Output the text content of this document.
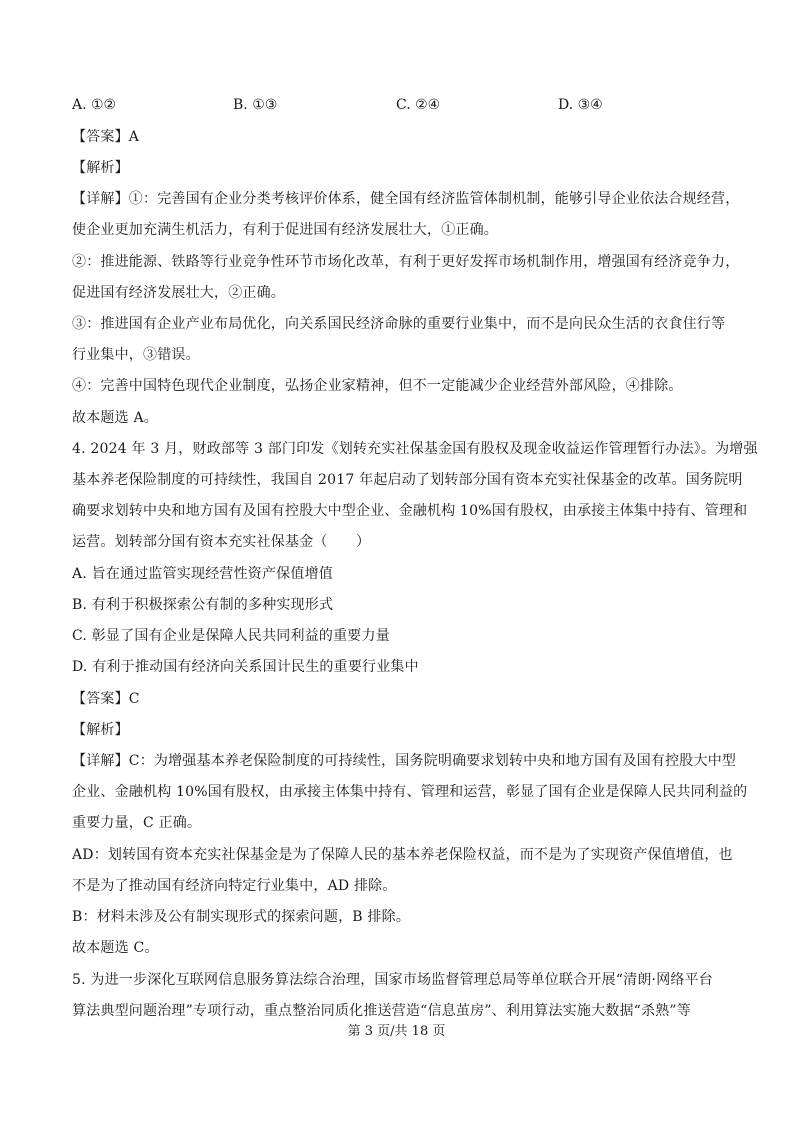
A. ①②	B. ①③	C. ②④	D. ③④
【答案】A
【解析】
【详解】①：完善国有企业分类考核评价体系，健全国有经济监管体制机制，能够引导企业依法合规经营，
使企业更加充满生机活力，有利于促进国有经济发展壮大，①正确。
②：推进能源、铁路等行业竞争性环节市场化改革，有利于更好发挥市场机制作用，增强国有经济竞争力，
促进国有经济发展壮大，②正确。
③：推进国有企业产业布局优化，向关系国民经济命脉的重要行业集中，而不是向民众生活的衣食住行等
行业集中，③错误。
④：完善中国特色现代企业制度，弘扬企业家精神，但不一定能减少企业经营外部风险，④排除。
故本题选 A。
4. 2024 年 3 月，财政部等 3 部门印发《划转充实社保基金国有股权及现金收益运作管理暂行办法》。为增强
基本养老保险制度的可持续性，我国自 2017 年起启动了划转部分国有资本充实社保基金的改革。国务院明
确要求划转中央和地方国有及国有控股大中型企业、金融机构 10%国有股权，由承接主体集中持有、管理和
运营。划转部分国有资本充实社保基金（　　）
A. 旨在通过监管实现经营性资产保值增值
B. 有利于积极探索公有制的多种实现形式
C. 彰显了国有企业是保障人民共同利益的重要力量
D. 有利于推动国有经济向关系国计民生的重要行业集中
【答案】C
【解析】
【详解】C：为增强基本养老保险制度的可持续性，国务院明确要求划转中央和地方国有及国有控股大中型
企业、金融机构 10%国有股权，由承接主体集中持有、管理和运营，彰显了国有企业是保障人民共同利益的
重要力量，C 正确。
AD：划转国有资本充实社保基金是为了保障人民的基本养老保险权益，而不是为了实现资产保值增值，也
不是为了推动国有经济向特定行业集中，AD 排除。
B：材料未涉及公有制实现形式的探索问题，B 排除。
故本题选 C。
5. 为进一步深化互联网信息服务算法综合治理，国家市场监督管理总局等单位联合开展“清朗·网络平台
算法典型问题治理”专项行动，重点整治同质化推送营造“信息茧房”、利用算法实施大数据“杀熟”等
第 3 页/共 18 页
